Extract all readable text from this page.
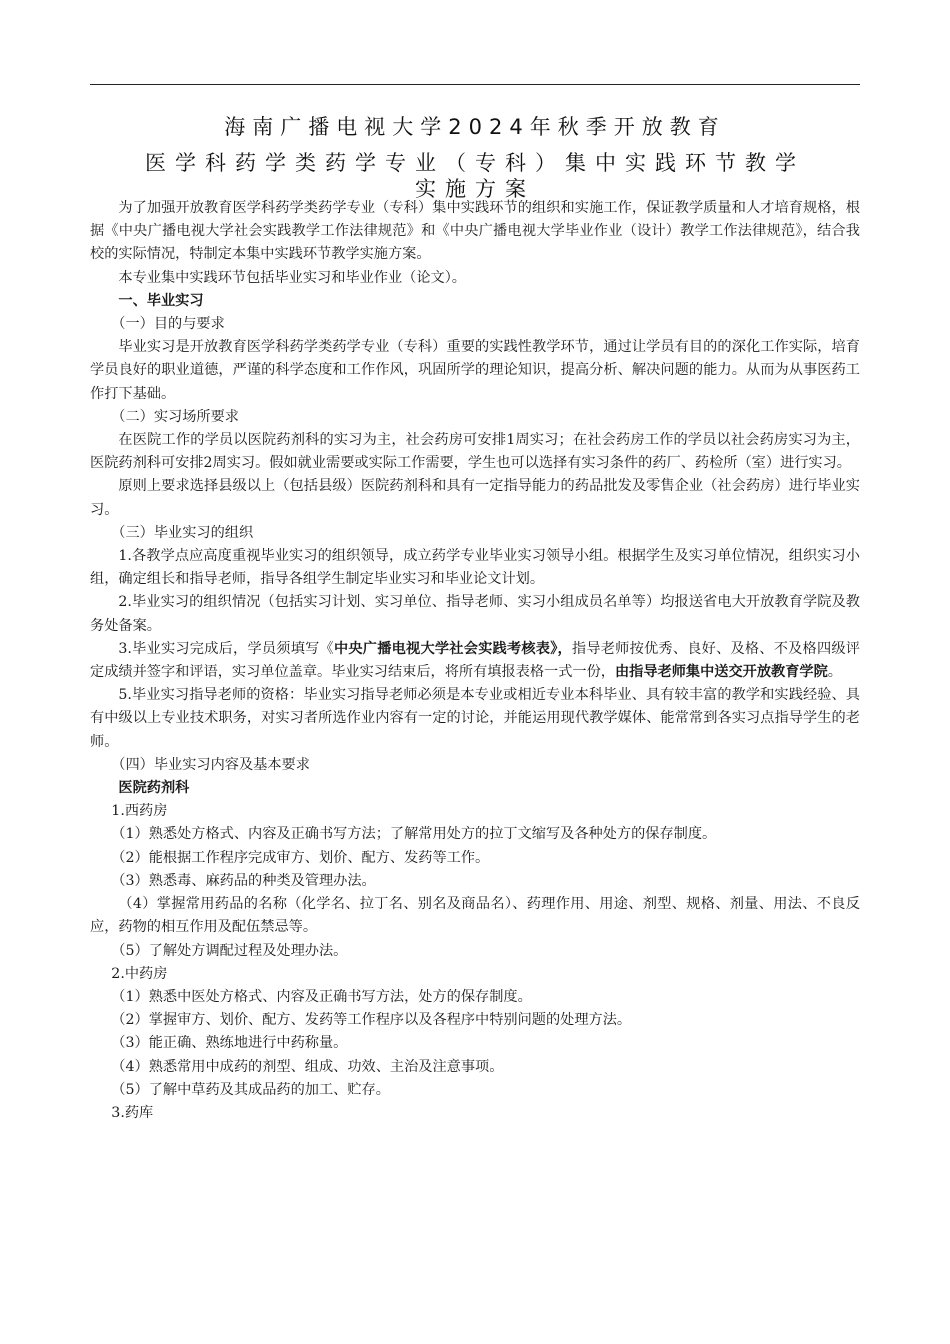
海南广播电视大学2024年秋季开放教育
医学科药学类药学专业（专科）集中实践环节教学
实施方案

为了加强开放教育医学科药学类药学专业（专科）集中实践环节的组织和实施工作，保证教学质量和人才培育规格，根据《中央广播电视大学社会实践教学工作法律规范》和《中央广播电视大学毕业作业（设计）教学工作法律规范》，结合我校的实际情况，特制定本集中实践环节教学实施方案。

本专业集中实践环节包括毕业实习和毕业作业（论文）。

一、毕业实习

（一）目的与要求

毕业实习是开放教育医学科药学类药学专业（专科）重要的实践性教学环节，通过让学员有目的的深化工作实际，培育学员良好的职业道德，严谨的科学态度和工作作风，巩固所学的理论知识，提高分析、解决问题的能力。从而为从事医药工作打下基础。

（二）实习场所要求

在医院工作的学员以医院药剂科的实习为主，社会药房可安排1周实习；在社会药房工作的学员以社会药房实习为主，医院药剂科可安排2周实习。假如就业需要或实际工作需要，学生也可以选择有实习条件的药厂、药检所（室）进行实习。

原则上要求选择县级以上（包括县级）医院药剂科和具有一定指导能力的药品批发及零售企业（社会药房）进行毕业实习。

（三）毕业实习的组织

1.各教学点应高度重视毕业实习的组织领导，成立药学专业毕业实习领导小组。根据学生及实习单位情况，组织实习小组，确定组长和指导老师，指导各组学生制定毕业实习和毕业论文计划。

2.毕业实习的组织情况（包括实习计划、实习单位、指导老师、实习小组成员名单等）均报送省电大开放教育学院及教务处备案。

3.毕业实习完成后，学员须填写《中央广播电视大学社会实践考核表》，指导老师按优秀、良好、及格、不及格四级评定成绩并签字和评语，实习单位盖章。毕业实习结束后，将所有填报表格一式一份，由指导老师集中送交开放教育学院。

5.毕业实习指导老师的资格：毕业实习指导老师必须是本专业或相近专业本科毕业、具有较丰富的教学和实践经验、具有中级以上专业技术职务，对实习者所选作业内容有一定的讨论，并能运用现代教学媒体、能常常到各实习点指导学生的老师。

（四）毕业实习内容及基本要求

医院药剂科

1.西药房

（1）熟悉处方格式、内容及正确书写方法；了解常用处方的拉丁文缩写及各种处方的保存制度。

（2）能根据工作程序完成审方、划价、配方、发药等工作。

（3）熟悉毒、麻药品的种类及管理办法。

（4）掌握常用药品的名称（化学名、拉丁名、别名及商品名）、药理作用、用途、剂型、规格、剂量、用法、不良反应，药物的相互作用及配伍禁忌等。

（5）了解处方调配过程及处理办法。

2.中药房

（1）熟悉中医处方格式、内容及正确书写方法，处方的保存制度。

（2）掌握审方、划价、配方、发药等工作程序以及各程序中特别问题的处理方法。

（3）能正确、熟练地进行中药称量。

（4）熟悉常用中成药的剂型、组成、功效、主治及注意事项。

（5）了解中草药及其成品药的加工、贮存。

3.药库
